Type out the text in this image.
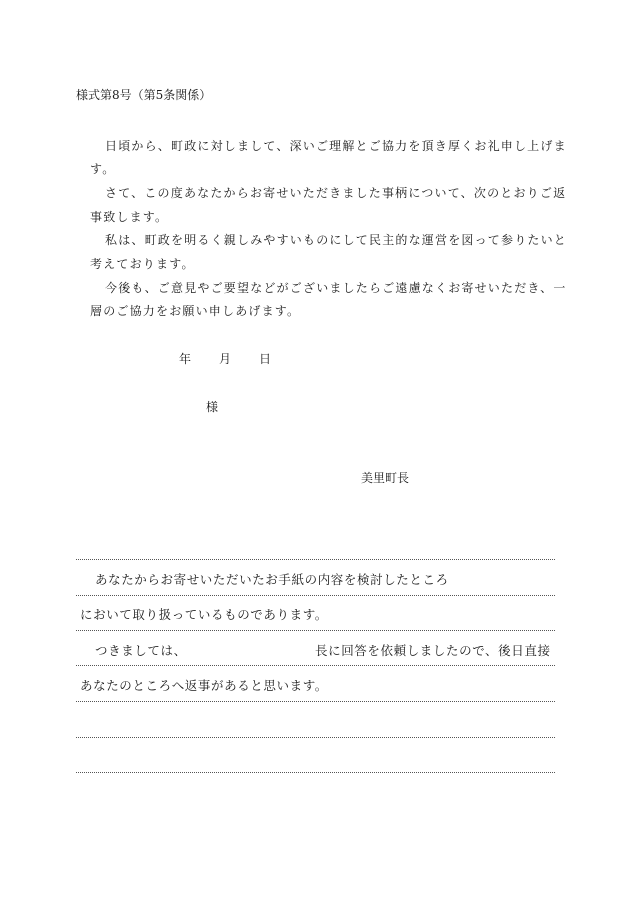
様式第8号（第5条関係）
日頃から、町政に対しまして、深いご理解とご協力を頂き厚くお礼申し上げま
す。
さて、この度あなたからお寄せいただきました事柄について、次のとおりご返
事致します。
私は、町政を明るく親しみやすいものにして民主的な運営を図って参りたいと
考えております。
今後も、ご意見やご要望などがございましたらご遠慮なくお寄せいただき、一
層のご協力をお願い申しあげます。
年 月 日
様
美里町長
あなたからお寄せいただいたお手紙の内容を検討したところ
において取り扱っているものであります。
つきましては、	長に回答を依頼しましたので、後日直接
あなたのところへ返事があると思います。
